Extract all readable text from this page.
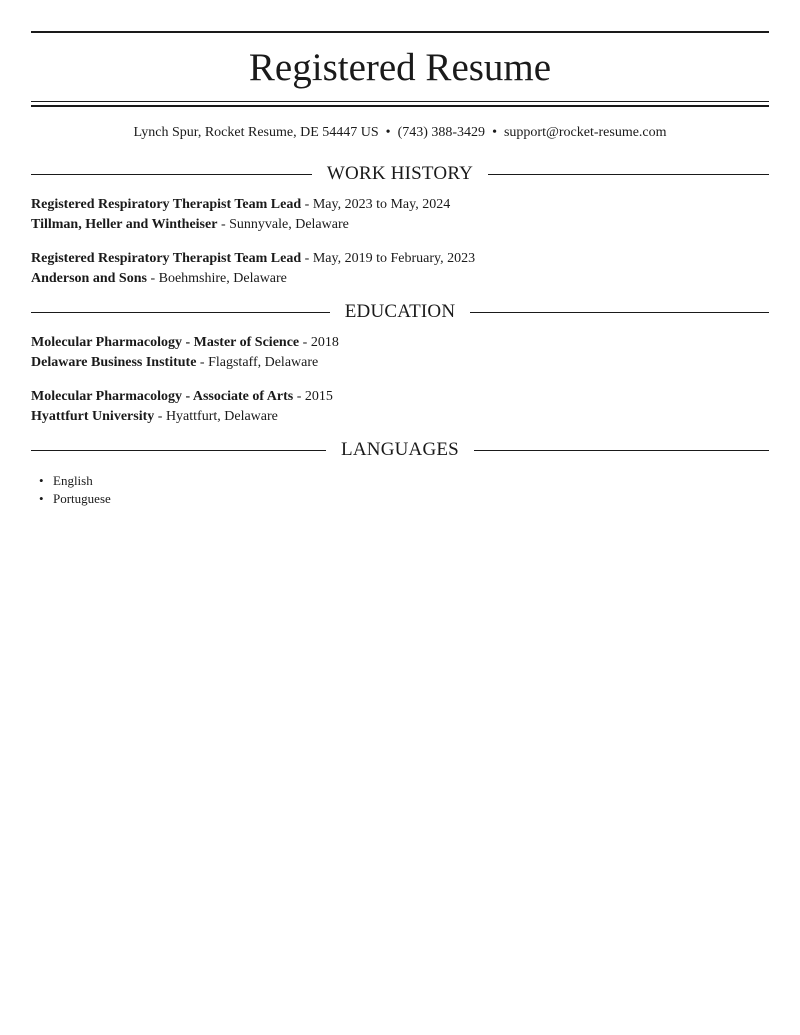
Registered Resume
Lynch Spur, Rocket Resume, DE 54447 US • (743) 388-3429 • support@rocket-resume.com
WORK HISTORY
Registered Respiratory Therapist Team Lead - May, 2023 to May, 2024
Tillman, Heller and Wintheiser - Sunnyvale, Delaware
Registered Respiratory Therapist Team Lead - May, 2019 to February, 2023
Anderson and Sons - Boehmshire, Delaware
EDUCATION
Molecular Pharmacology - Master of Science - 2018
Delaware Business Institute - Flagstaff, Delaware
Molecular Pharmacology - Associate of Arts - 2015
Hyattfurt University - Hyattfurt, Delaware
LANGUAGES
• English
• Portuguese
